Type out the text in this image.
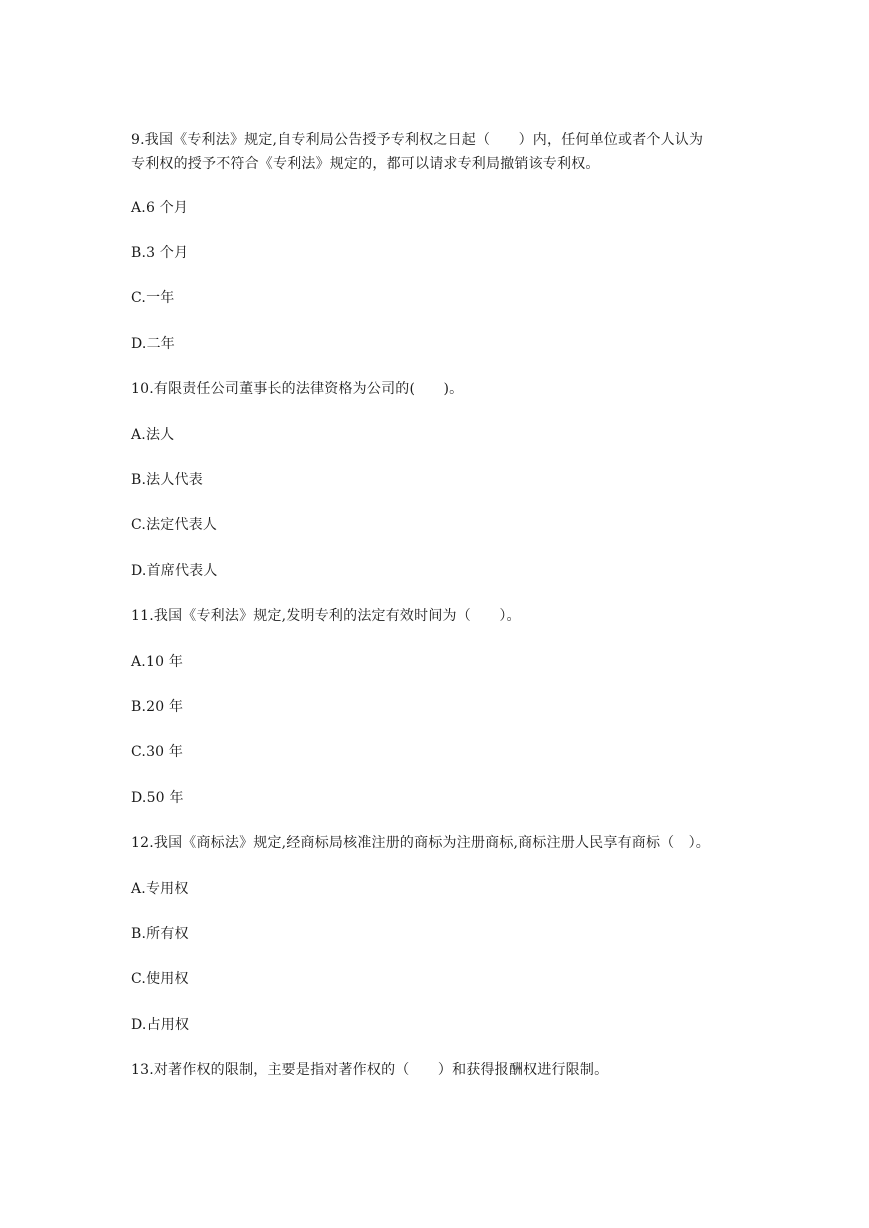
9.我国《专利法》规定,自专利局公告授予专利权之日起（　　）内，任何单位或者个人认为
专利权的授予不符合《专利法》规定的，都可以请求专利局撤销该专利权。
A.6 个月
B.3 个月
C.一年
D.二年
10.有限责任公司董事长的法律资格为公司的(　　)。
A.法人
B.法人代表
C.法定代表人
D.首席代表人
11.我国《专利法》规定,发明专利的法定有效时间为（　　）。
A.10 年
B.20 年
C.30 年
D.50 年
12.我国《商标法》规定,经商标局核准注册的商标为注册商标,商标注册人民享有商标（　）。
A.专用权
B.所有权
C.使用权
D.占用权
13.对著作权的限制，主要是指对著作权的（　　）和获得报酬权进行限制。
